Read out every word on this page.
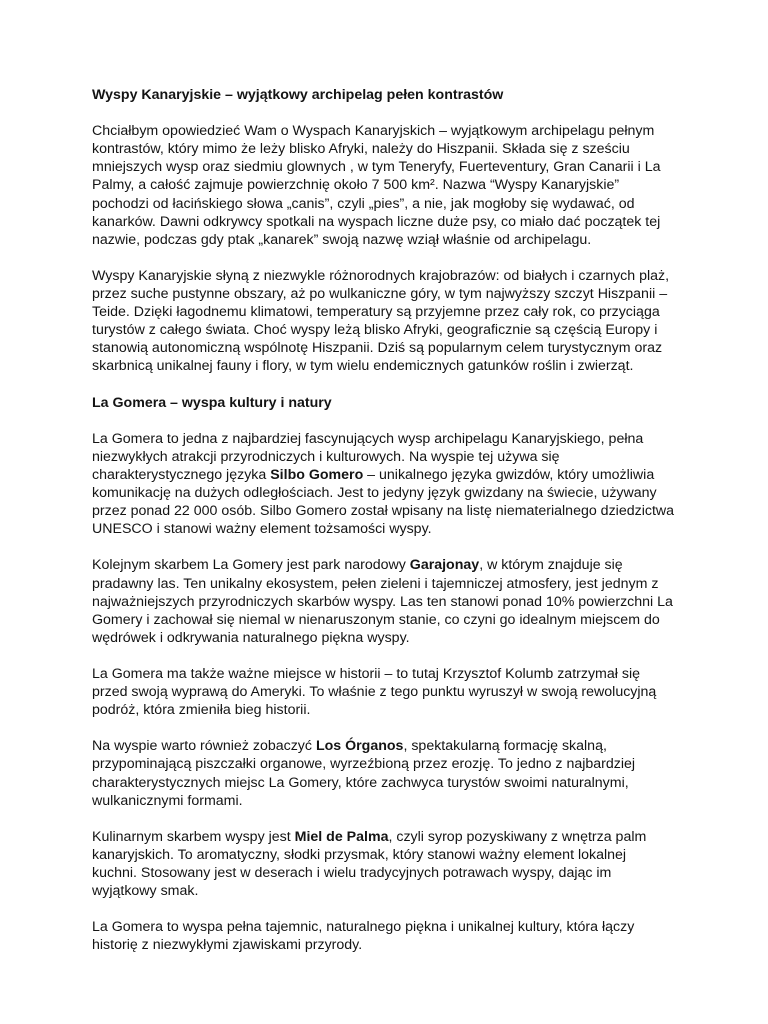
Wyspy Kanaryjskie – wyjątkowy archipelag pełen kontrastów
Chciałbym opowiedzieć Wam o Wyspach Kanaryjskich – wyjątkowym archipelagu pełnym
kontrastów, który mimo że leży blisko Afryki, należy do Hiszpanii. Składa się z sześciu
mniejszych wysp oraz siedmiu glownych , w tym Teneryfy, Fuerteventury, Gran Canarii i La
Palmy, a całość zajmuje powierzchnię około 7 500 km². Nazwa “Wyspy Kanaryjskie”
pochodzi od łacińskiego słowa „canis”, czyli „pies”, a nie, jak mogłoby się wydawać, od
kanarków. Dawni odkrywcy spotkali na wyspach liczne duże psy, co miało dać początek tej
nazwie, podczas gdy ptak „kanarek” swoją nazwę wziął właśnie od archipelagu.
Wyspy Kanaryjskie słyną z niezwykle różnorodnych krajobrazów: od białych i czarnych plaż,
przez suche pustynne obszary, aż po wulkaniczne góry, w tym najwyższy szczyt Hiszpanii –
Teide. Dzięki łagodnemu klimatowi, temperatury są przyjemne przez cały rok, co przyciąga
turystów z całego świata. Choć wyspy leżą blisko Afryki, geograficznie są częścią Europy i
stanowią autonomiczną wspólnotę Hiszpanii. Dziś są popularnym celem turystycznym oraz
skarbnicą unikalnej fauny i flory, w tym wielu endemicznych gatunków roślin i zwierząt.
La Gomera – wyspa kultury i natury
La Gomera to jedna z najbardziej fascynujących wysp archipelagu Kanaryjskiego, pełna
niezwykłych atrakcji przyrodniczych i kulturowych. Na wyspie tej używa się
charakterystycznego języka Silbo Gomero – unikalnego języka gwizdów, który umożliwia
komunikację na dużych odległościach. Jest to jedyny język gwizdany na świecie, używany
przez ponad 22 000 osób. Silbo Gomero został wpisany na listę niematerialnego dziedzictwa
UNESCO i stanowi ważny element tożsamości wyspy.
Kolejnym skarbem La Gomery jest park narodowy Garajonay, w którym znajduje się
pradawny las. Ten unikalny ekosystem, pełen zieleni i tajemniczej atmosfery, jest jednym z
najważniejszych przyrodniczych skarbów wyspy. Las ten stanowi ponad 10% powierzchni La
Gomery i zachował się niemal w nienaruszonym stanie, co czyni go idealnym miejscem do
wędrówek i odkrywania naturalnego piękna wyspy.
La Gomera ma także ważne miejsce w historii – to tutaj Krzysztof Kolumb zatrzymał się
przed swoją wyprawą do Ameryki. To właśnie z tego punktu wyruszył w swoją rewolucyjną
podróż, która zmieniła bieg historii.
Na wyspie warto również zobaczyć Los Órganos, spektakularną formację skalną,
przypominającą piszczałki organowe, wyrzeźbioną przez erozję. To jedno z najbardziej
charakterystycznych miejsc La Gomery, które zachwyca turystów swoimi naturalnymi,
wulkanicznymi formami.
Kulinarnym skarbem wyspy jest Miel de Palma, czyli syrop pozyskiwany z wnętrza palm
kanaryjskich. To aromatyczny, słodki przysmak, który stanowi ważny element lokalnej
kuchni. Stosowany jest w deserach i wielu tradycyjnych potrawach wyspy, dając im
wyjątkowy smak.
La Gomera to wyspa pełna tajemnic, naturalnego piękna i unikalnej kultury, która łączy
historię z niezwykłymi zjawiskami przyrody.
